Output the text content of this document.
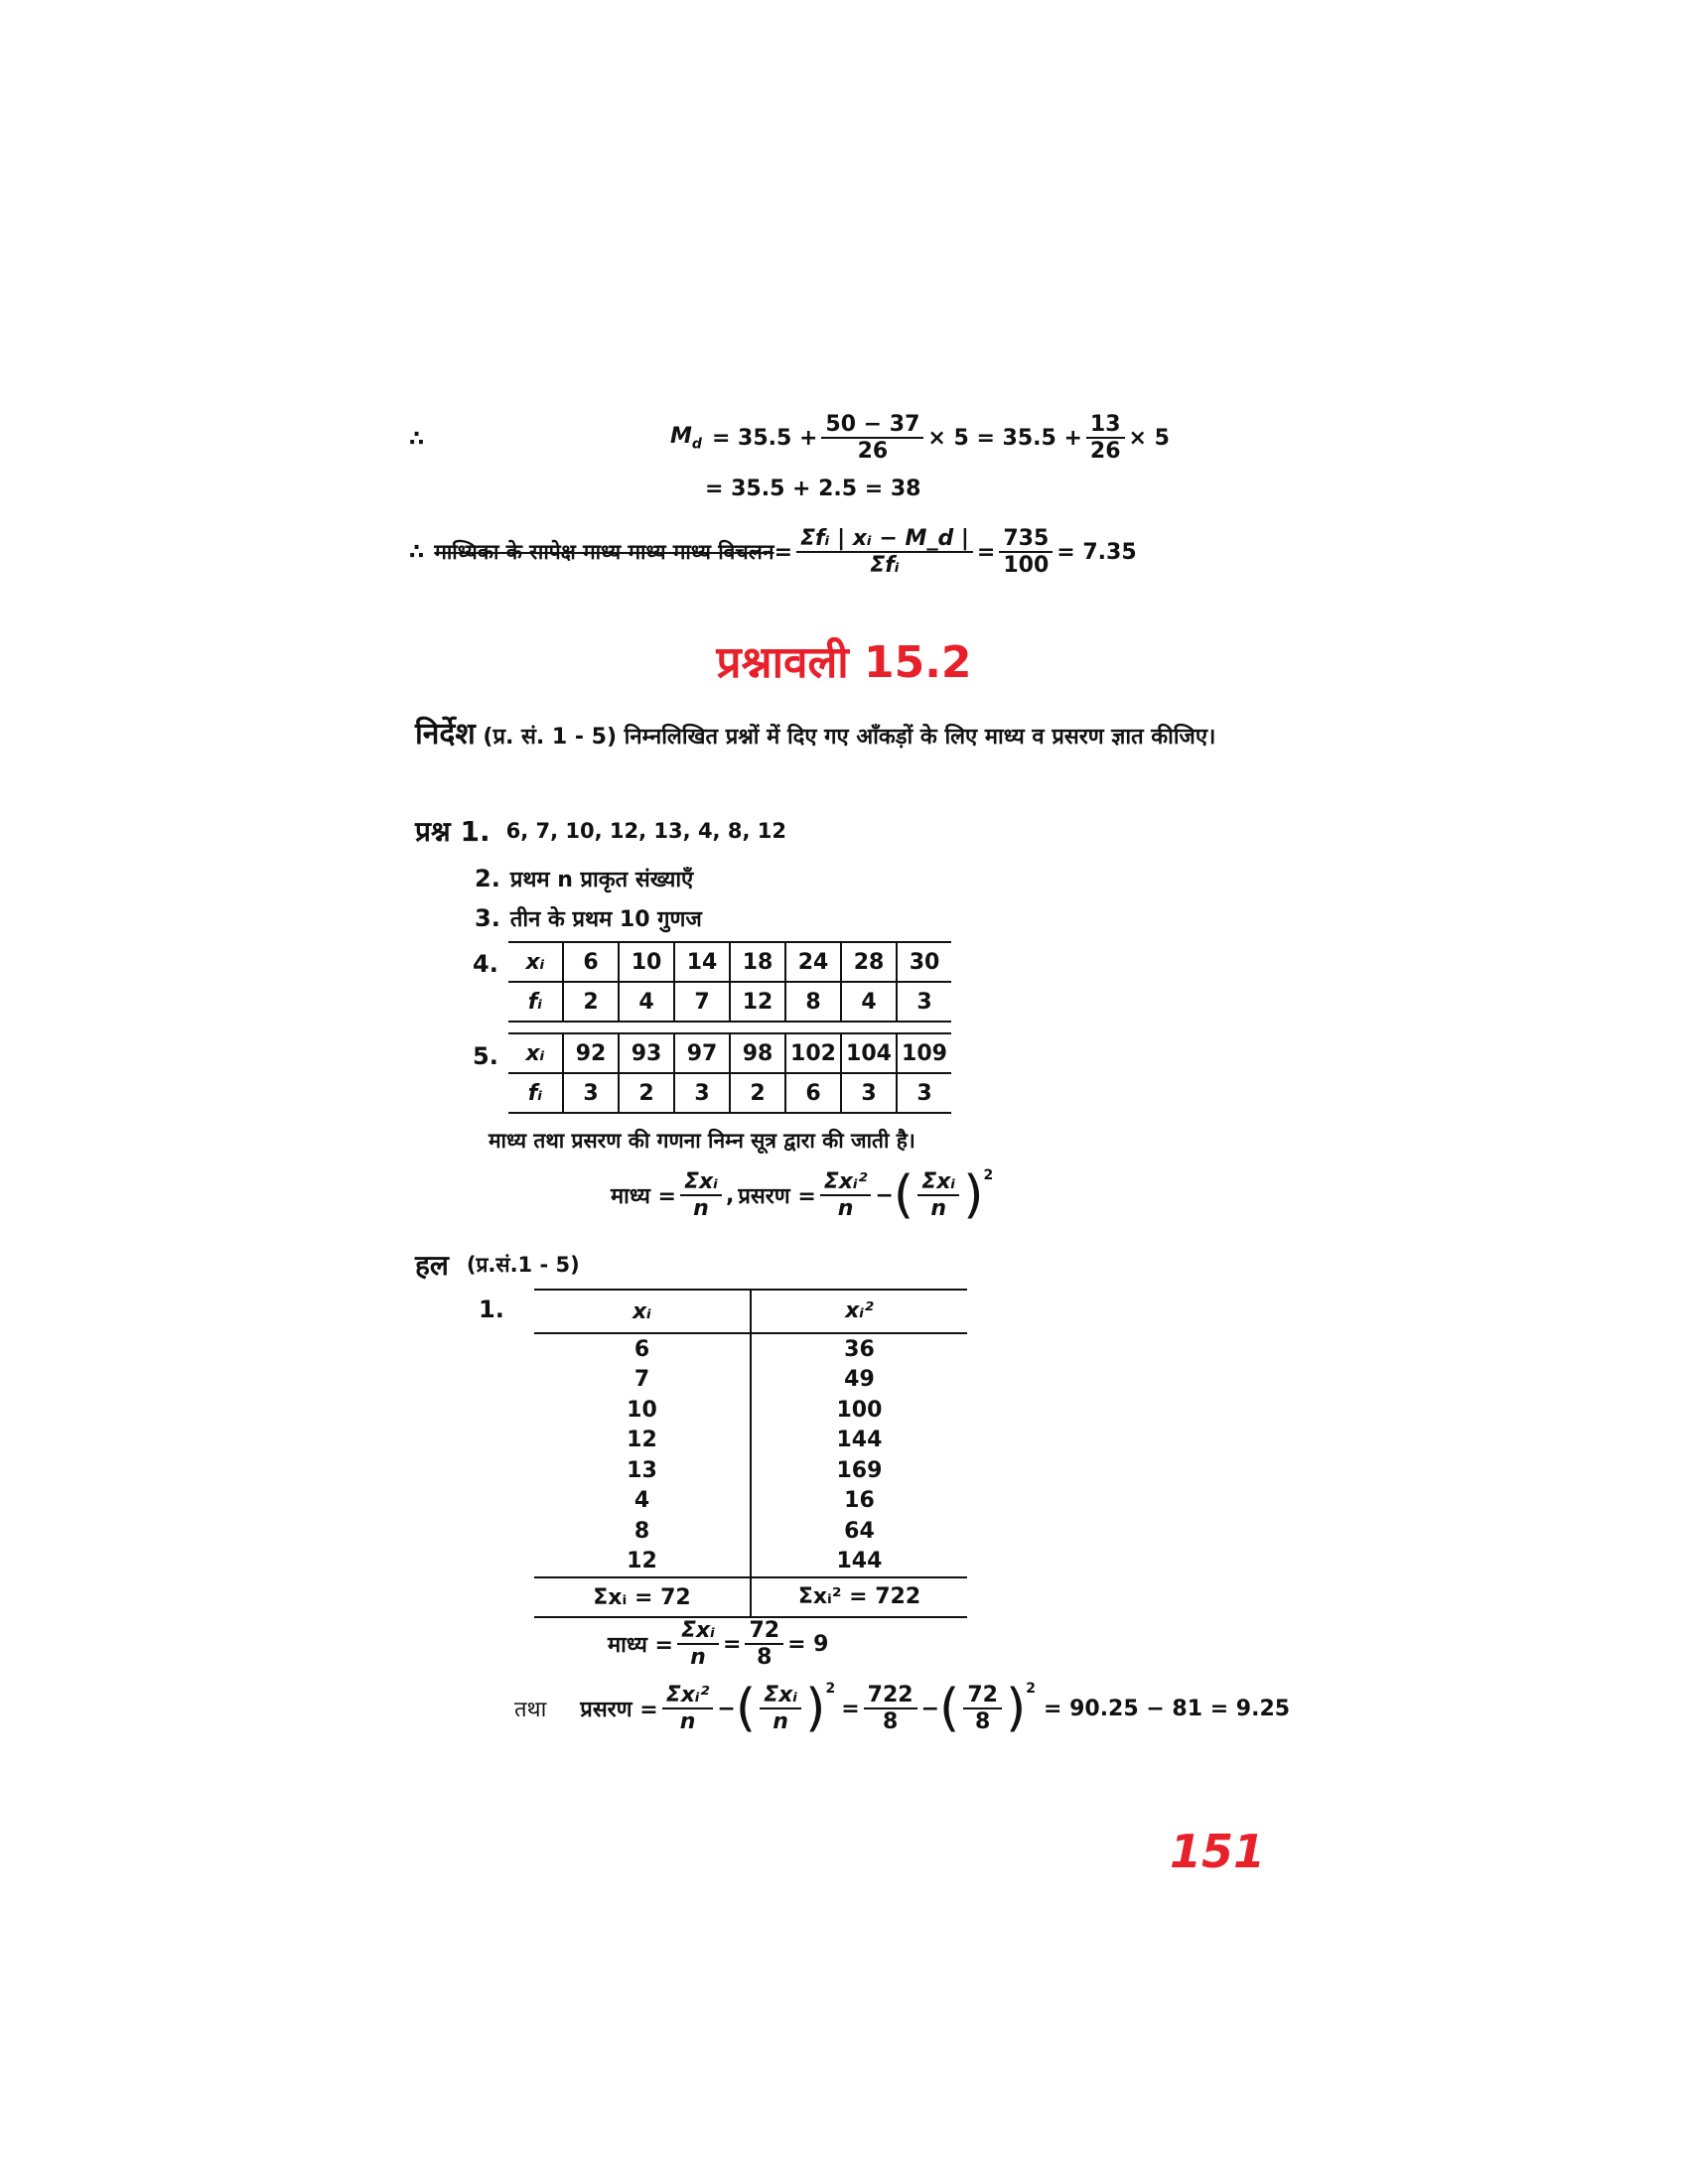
∴	$M_d = 35.5 + \frac{50 - 37}{26} \times 5 = 35.5 + \frac{13}{26} \times 5$
= 35.5 + 2.5 = 38
∴ माध्यिका के सापेक्ष माध्य माध्य माध्य विचलन = $\frac{\text{Σfᵢ | xᵢ − M\_d |}}{\text{Σfᵢ}} = \frac{735}{100} = 7.35$
प्रश्नावली 15.2
निर्देश (प्र. सं. 1 - 5) निम्नलिखित प्रश्नों में दिए गए आँकड़ों के लिए माध्य व प्रसरण ज्ञात कीजिए।
प्रश्न 1. 6, 7, 10, 12, 13, 4, 8, 12
2. प्रथम n प्राकृत संख्याएँ
3. तीन के प्रथम 10 गुणज
4. xᵢ	6	10	14	18	24	28	30
fᵢ	2	4	7	12	8	4	3
5. xᵢ	92	93	97	98	102	104	109
fᵢ	3	2	3	2	6	3	3
माध्य तथा प्रसरण की गणना निम्न सूत्र द्वारा की जाती है।
माध्य = $\frac{\text{Σxᵢ}}{n}$ , प्रसरण = $\frac{\text{Σxᵢ²}}{n}$ − ( $\frac{\text{Σxᵢ}}{n}$ ) 2
हल (प्र.सं.1 - 5)
1.	xᵢ	xᵢ²
6	36
7	49
10	100
12	144
13	169
4	16
8	64
12	144
Σxᵢ = 72	Σxᵢ² = 722
माध्य = $\frac{\text{Σxᵢ}}{n} = \frac{72}{8} = 9$
तथा प्रसरण = $\frac{\text{Σxᵢ²}}{n}$ − ( $\frac{\text{Σxᵢ}}{n}$ ) 2
= $\frac{722}{8}$ − ( $\frac{72}{8}$ ) 2
= 90.25 − 81 = 9.25
151
